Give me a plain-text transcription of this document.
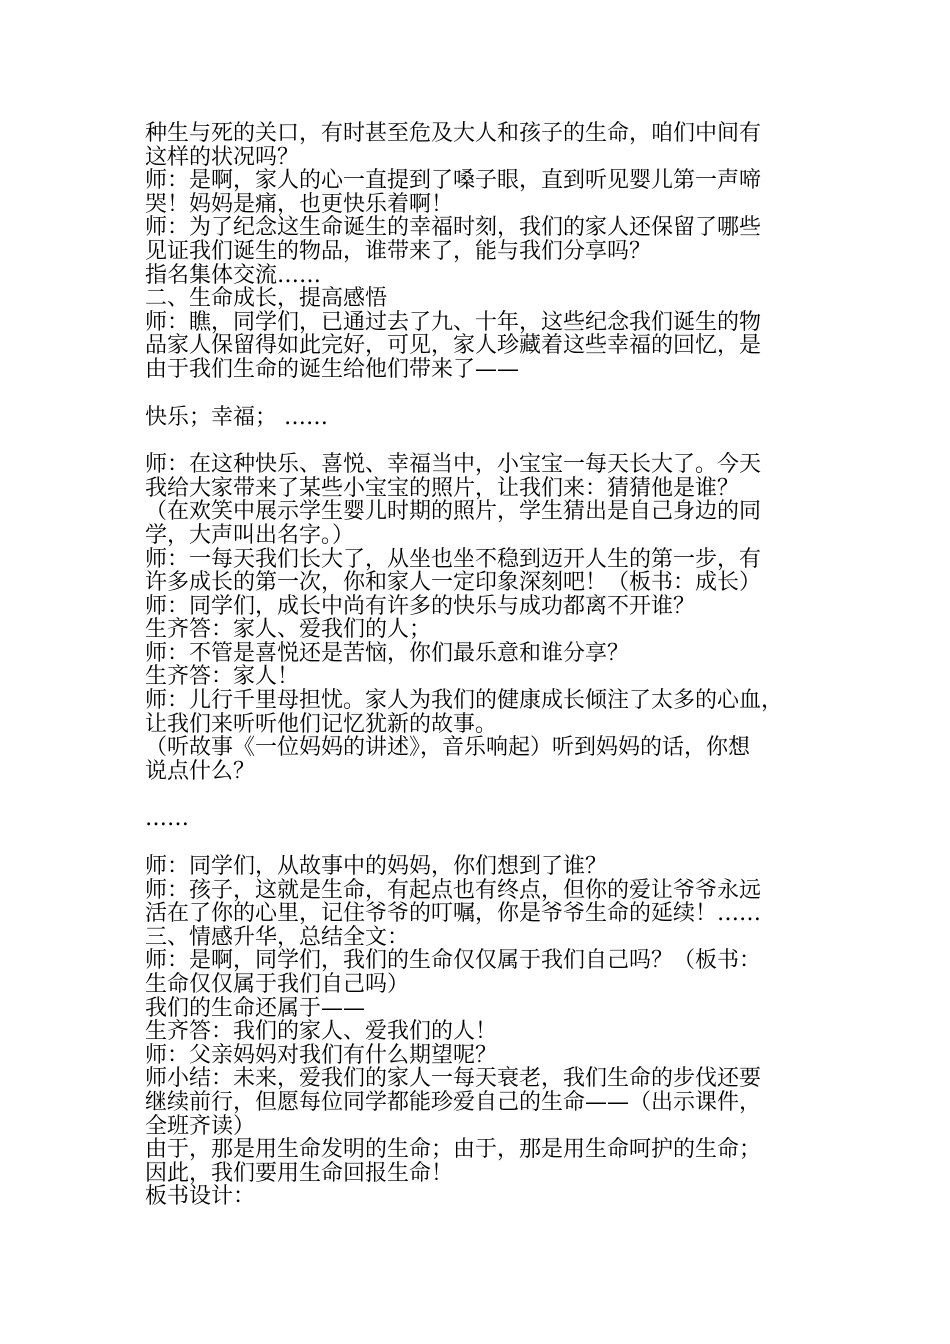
种生与死的关口，有时甚至危及大人和孩子的生命，咱们中间有
这样的状况吗？
师：是啊，家人的心一直提到了嗓子眼，直到听见婴儿第一声啼
哭！妈妈是痛，也更快乐着啊！
师：为了纪念这生命诞生的幸福时刻，我们的家人还保留了哪些
见证我们诞生的物品，谁带来了，能与我们分享吗？
指名集体交流……
二、生命成长，提高感悟
师：瞧，同学们，已通过去了九、十年，这些纪念我们诞生的物
品家人保留得如此完好，可见，家人珍藏着这些幸福的回忆，是
由于我们生命的诞生给他们带来了——
快乐；幸福； ……
师：在这种快乐、喜悦、幸福当中，小宝宝一每天长大了。今天
我给大家带来了某些小宝宝的照片，让我们来：猜猜他是谁？
（在欢笑中展示学生婴儿时期的照片，学生猜出是自己身边的同
学，大声叫出名字。）
师：一每天我们长大了，从坐也坐不稳到迈开人生的第一步，有
许多成长的第一次，你和家人一定印象深刻吧！（板书：成长）
师：同学们，成长中尚有许多的快乐与成功都离不开谁？
生齐答：家人、爱我们的人；
师：不管是喜悦还是苦恼，你们最乐意和谁分享？
生齐答：家人！
师：儿行千里母担忧。家人为我们的健康成长倾注了太多的心血，
让我们来听听他们记忆犹新的故事。
（听故事《一位妈妈的讲述》，音乐响起）听到妈妈的话，你想
说点什么？
……
师：同学们，从故事中的妈妈，你们想到了谁？
师：孩子，这就是生命，有起点也有终点，但你的爱让爷爷永远
活在了你的心里，记住爷爷的叮嘱，你是爷爷生命的延续！……
三、情感升华，总结全文：
师：是啊，同学们，我们的生命仅仅属于我们自己吗？（板书：
生命仅仅属于我们自己吗）
我们的生命还属于——
生齐答：我们的家人、爱我们的人！
师：父亲妈妈对我们有什么期望呢？
师小结：未来，爱我们的家人一每天衰老，我们生命的步伐还要
继续前行，但愿每位同学都能珍爱自己的生命——（出示课件，
全班齐读）
由于，那是用生命发明的生命；由于，那是用生命呵护的生命；
因此，我们要用生命回报生命！
板书设计：
